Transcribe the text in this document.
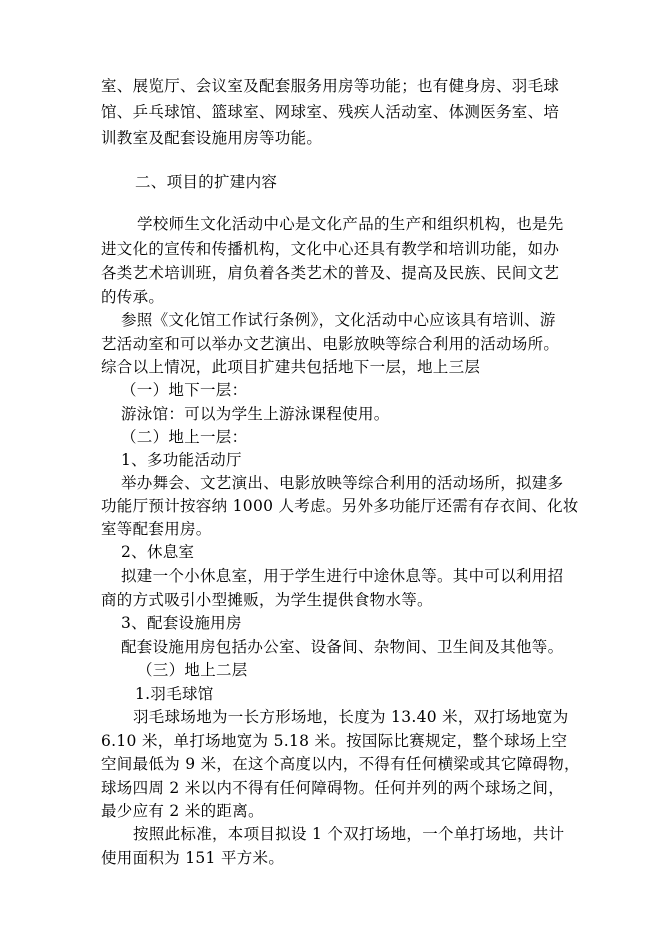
室、展览厅、会议室及配套服务用房等功能；也有健身房、羽毛球
馆、乒乓球馆、篮球室、网球室、残疾人活动室、体测医务室、培
训教室及配套设施用房等功能。
二、项目的扩建内容
学校师生文化活动中心是文化产品的生产和组织机构，也是先
进文化的宣传和传播机构，文化中心还具有教学和培训功能，如办
各类艺术培训班，肩负着各类艺术的普及、提高及民族、民间文艺
的传承。
参照《文化馆工作试行条例》，文化活动中心应该具有培训、游
艺活动室和可以举办文艺演出、电影放映等综合利用的活动场所。
综合以上情况，此项目扩建共包括地下一层，地上三层
（一）地下一层：
游泳馆：可以为学生上游泳课程使用。
（二）地上一层：
1、多功能活动厅
举办舞会、文艺演出、电影放映等综合利用的活动场所，拟建多
功能厅预计按容纳 1000 人考虑。另外多功能厅还需有存衣间、化妆
室等配套用房。
2、休息室
拟建一个小休息室，用于学生进行中途休息等。其中可以利用招
商的方式吸引小型摊贩，为学生提供食物水等。
3、配套设施用房
配套设施用房包括办公室、设备间、杂物间、卫生间及其他等。
（三）地上二层
1.羽毛球馆
羽毛球场地为一长方形场地，长度为 13.40 米，双打场地宽为
6.10 米，单打场地宽为 5.18 米。按国际比赛规定，整个球场上空
空间最低为 9 米，在这个高度以内，不得有任何横梁或其它障碍物，
球场四周 2 米以内不得有任何障碍物。任何并列的两个球场之间，
最少应有 2 米的距离。
按照此标准，本项目拟设 1 个双打场地，一个单打场地，共计
使用面积为 151 平方米。
